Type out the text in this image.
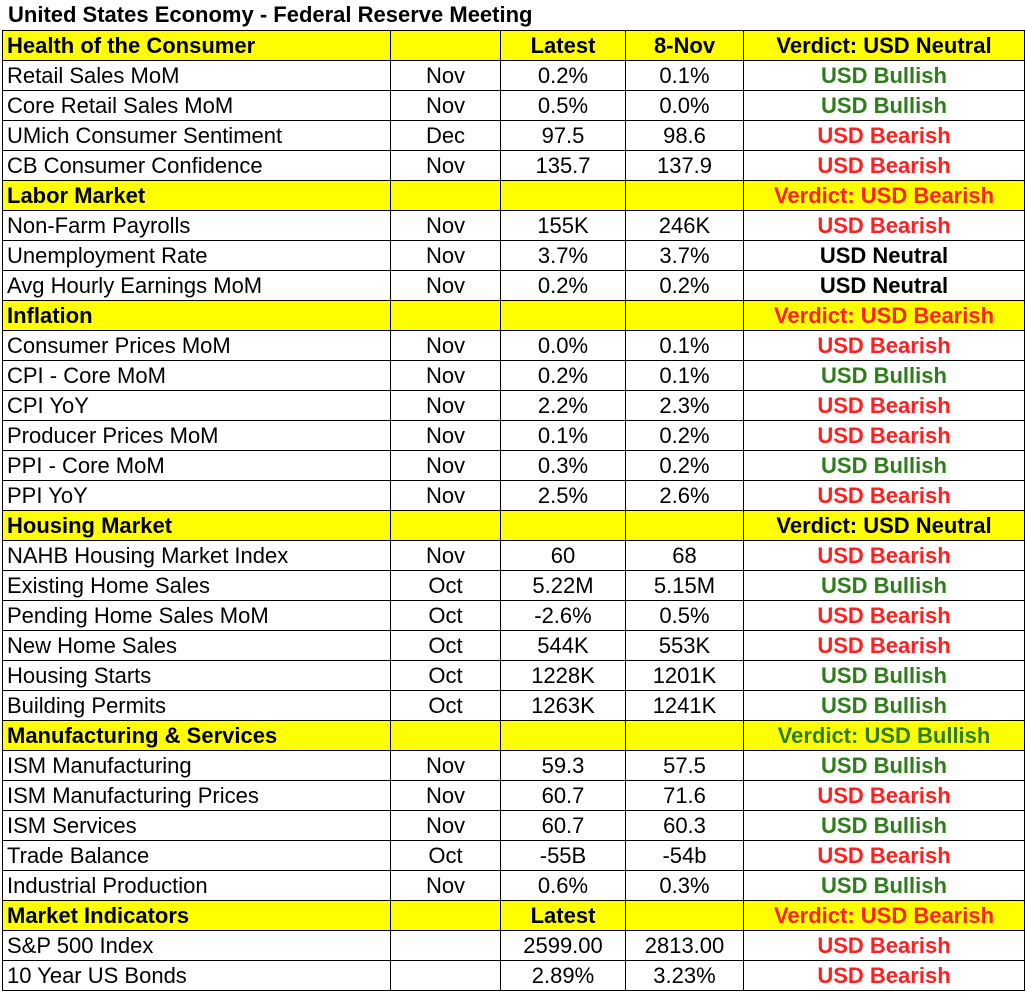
United States Economy - Federal Reserve Meeting
Health of the Consumer		Latest	8-Nov	Verdict: USD Neutral
Retail Sales MoM	Nov	0.2%	0.1%	USD Bullish
Core Retail Sales MoM	Nov	0.5%	0.0%	USD Bullish
UMich Consumer Sentiment	Dec	97.5	98.6	USD Bearish
CB Consumer Confidence	Nov	135.7	137.9	USD Bearish
Labor Market				Verdict: USD Bearish
Non-Farm Payrolls	Nov	155K	246K	USD Bearish
Unemployment Rate	Nov	3.7%	3.7%	USD Neutral
Avg Hourly Earnings MoM	Nov	0.2%	0.2%	USD Neutral
Inflation				Verdict: USD Bearish
Consumer Prices MoM	Nov	0.0%	0.1%	USD Bearish
CPI - Core MoM	Nov	0.2%	0.1%	USD Bullish
CPI YoY	Nov	2.2%	2.3%	USD Bearish
Producer Prices MoM	Nov	0.1%	0.2%	USD Bearish
PPI - Core MoM	Nov	0.3%	0.2%	USD Bullish
PPI YoY	Nov	2.5%	2.6%	USD Bearish
Housing Market				Verdict: USD Neutral
NAHB Housing Market Index	Nov	60	68	USD Bearish
Existing Home Sales	Oct	5.22M	5.15M	USD Bullish
Pending Home Sales MoM	Oct	-2.6%	0.5%	USD Bearish
New Home Sales	Oct	544K	553K	USD Bearish
Housing Starts	Oct	1228K	1201K	USD Bullish
Building Permits	Oct	1263K	1241K	USD Bullish
Manufacturing & Services				Verdict: USD Bullish
ISM Manufacturing	Nov	59.3	57.5	USD Bullish
ISM Manufacturing Prices	Nov	60.7	71.6	USD Bearish
ISM Services	Nov	60.7	60.3	USD Bullish
Trade Balance	Oct	-55B	-54b	USD Bearish
Industrial Production	Nov	0.6%	0.3%	USD Bullish
Market Indicators		Latest		Verdict: USD Bearish
S&P 500 Index		2599.00	2813.00	USD Bearish
10 Year US Bonds		2.89%	3.23%	USD Bearish
